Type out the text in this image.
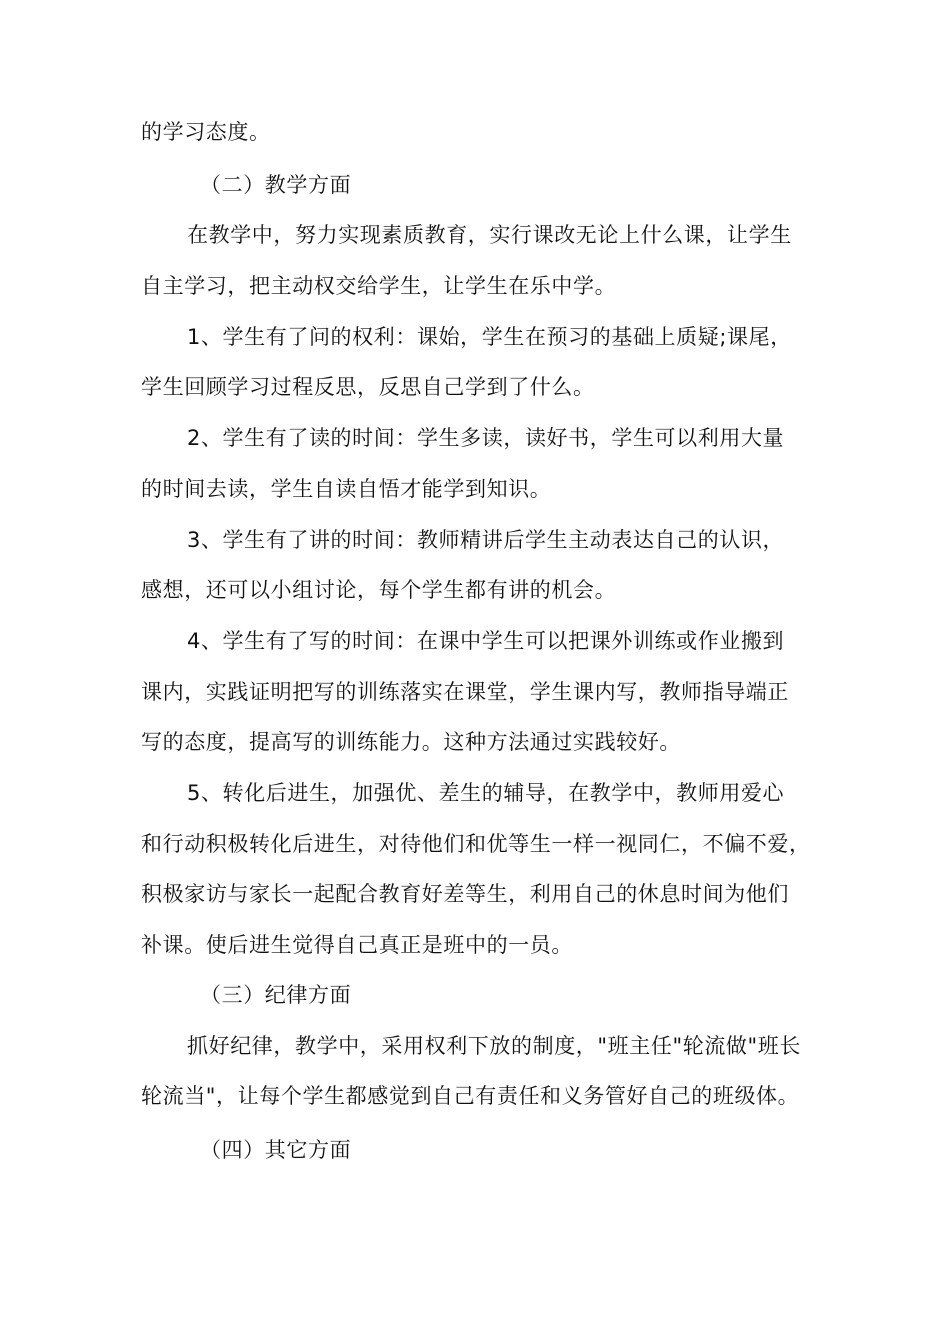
的学习态度。
（二）教学方面
在教学中，努力实现素质教育，实行课改无论上什么课，让学生
自主学习，把主动权交给学生，让学生在乐中学。
1、学生有了问的权利：课始，学生在预习的基础上质疑;课尾，
学生回顾学习过程反思，反思自己学到了什么。
2、学生有了读的时间：学生多读，读好书，学生可以利用大量
的时间去读，学生自读自悟才能学到知识。
3、学生有了讲的时间：教师精讲后学生主动表达自己的认识，
感想，还可以小组讨论，每个学生都有讲的机会。
4、学生有了写的时间：在课中学生可以把课外训练或作业搬到
课内，实践证明把写的训练落实在课堂，学生课内写，教师指导端正
写的态度，提高写的训练能力。这种方法通过实践较好。
5、转化后进生，加强优、差生的辅导，在教学中，教师用爱心
和行动积极转化后进生，对待他们和优等生一样一视同仁，不偏不爱，
积极家访与家长一起配合教育好差等生，利用自己的休息时间为他们
补课。使后进生觉得自己真正是班中的一员。
（三）纪律方面
抓好纪律，教学中，采用权利下放的制度，"班主任"轮流做"班长
轮流当"，让每个学生都感觉到自己有责任和义务管好自己的班级体。
（四）其它方面
